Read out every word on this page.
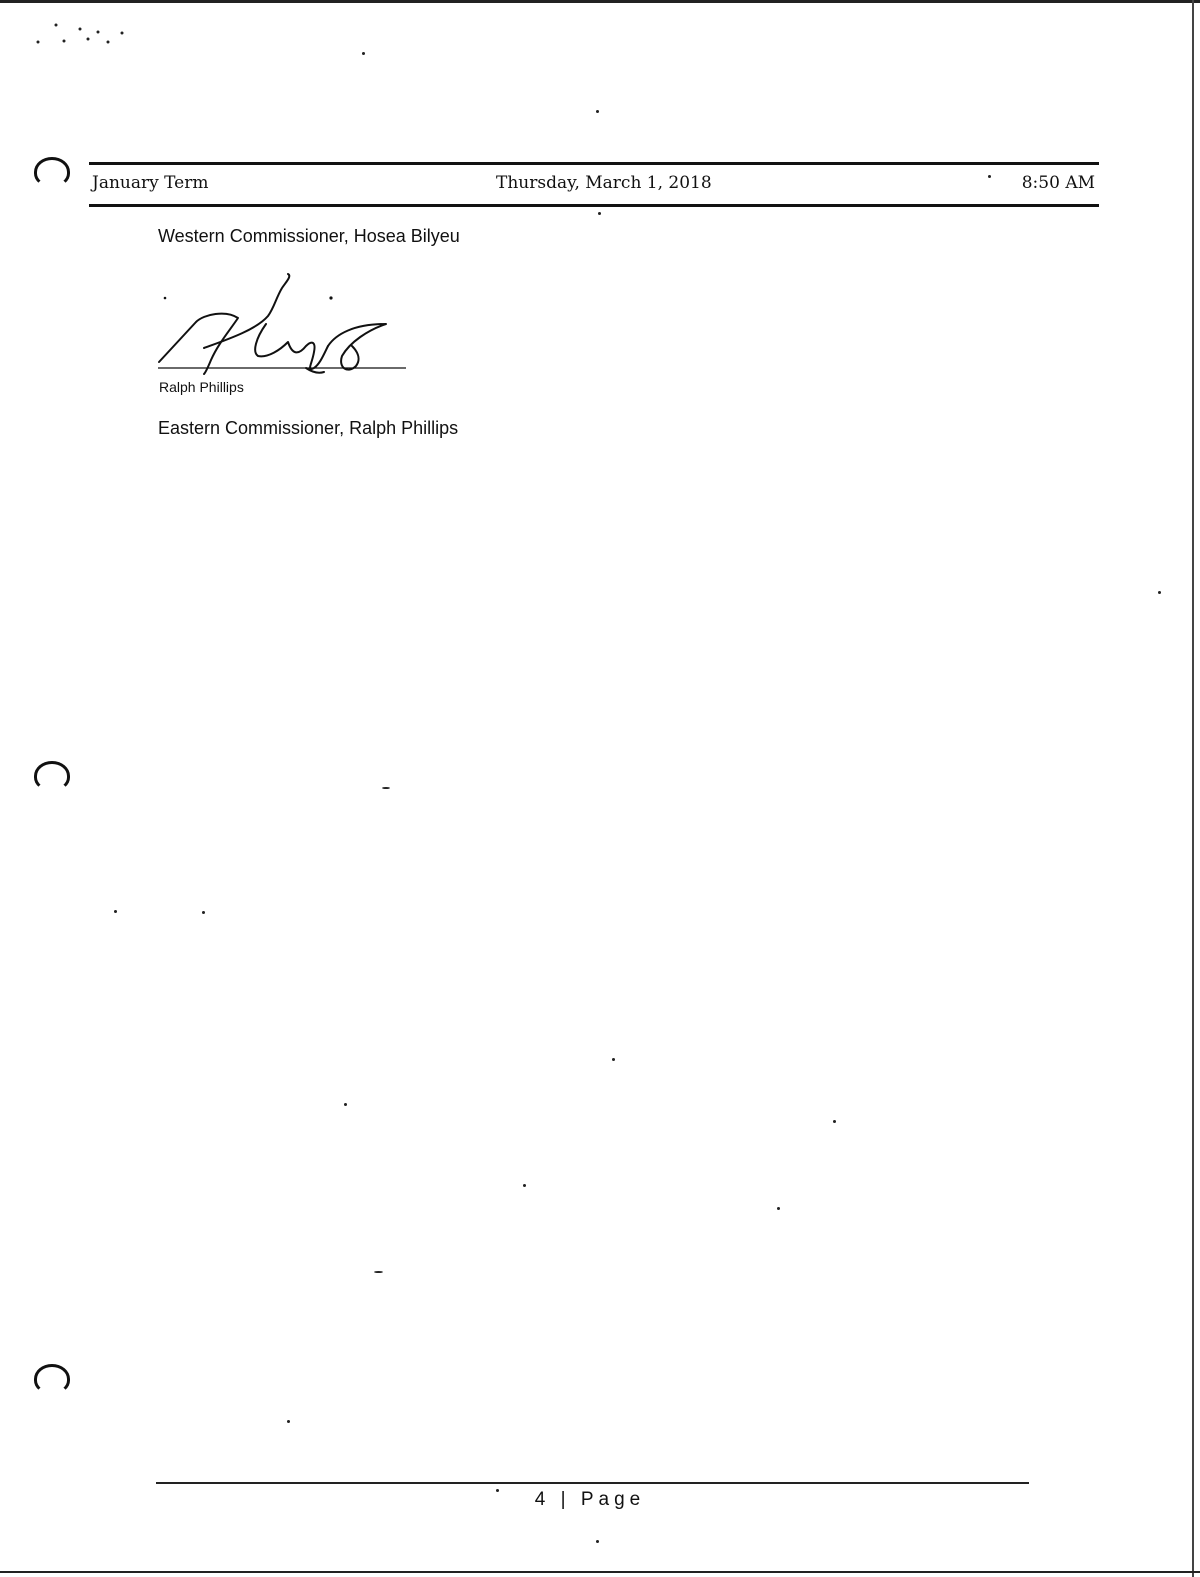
January Term	Thursday, March 1, 2018	8:50 AM
Western Commissioner, Hosea Bilyeu
Ralph Phillips
Eastern Commissioner, Ralph Phillips
4 | Page
